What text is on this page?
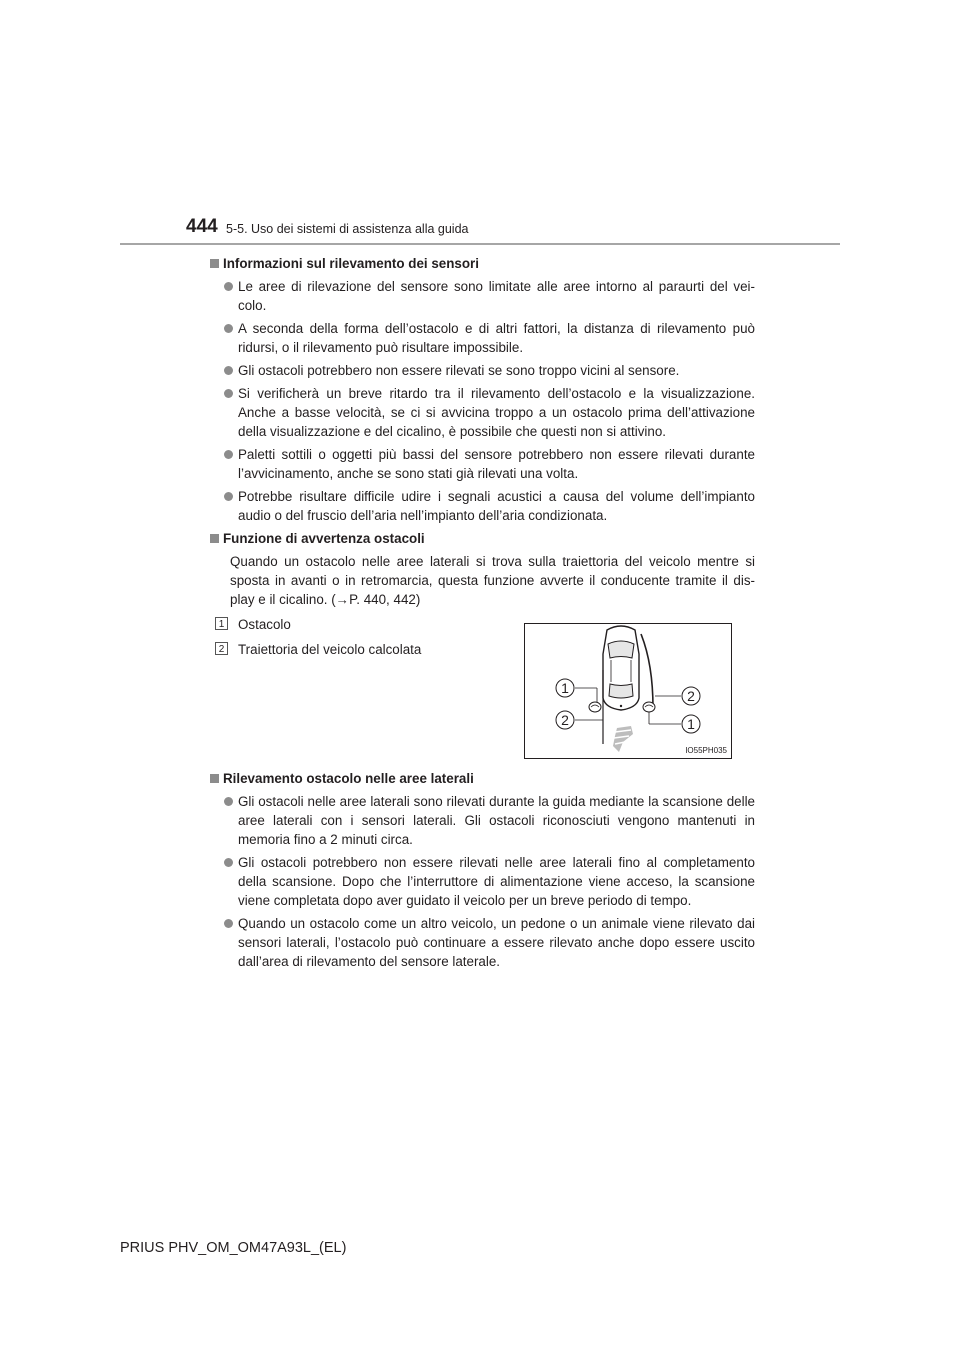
444 5-5. Uso dei sistemi di assistenza alla guida
Informazioni sul rilevamento dei sensori
Le aree di rilevazione del sensore sono limitate alle aree intorno al paraurti del vei-colo.
A seconda della forma dell’ostacolo e di altri fattori, la distanza di rilevamento può ridursi, o il rilevamento può risultare impossibile.
Gli ostacoli potrebbero non essere rilevati se sono troppo vicini al sensore.
Si verificherà un breve ritardo tra il rilevamento dell’ostacolo e la visualizzazione. Anche a basse velocità, se ci si avvicina troppo a un ostacolo prima dell’attivazione della visualizzazione e del cicalino, è possibile che questi non si attivino.
Paletti sottili o oggetti più bassi del sensore potrebbero non essere rilevati durante l’avvicinamento, anche se sono stati già rilevati una volta.
Potrebbe risultare difficile udire i segnali acustici a causa del volume dell’impianto audio o del fruscio dell’aria nell’impianto dell’aria condizionata.
Funzione di avvertenza ostacoli
Quando un ostacolo nelle aree laterali si trova sulla traiettoria del veicolo mentre si sposta in avanti o in retromarcia, questa funzione avverte il conducente tramite il dis-play e il cicalino. (→P. 440, 442)
1 Ostacolo
2 Traiettoria del veicolo calcolata
1
2
2
1
IO55PH035
Rilevamento ostacolo nelle aree laterali
Gli ostacoli nelle aree laterali sono rilevati durante la guida mediante la scansione delle aree laterali con i sensori laterali. Gli ostacoli riconosciuti vengono mantenuti in memoria fino a 2 minuti circa.
Gli ostacoli potrebbero non essere rilevati nelle aree laterali fino al completamento della scansione. Dopo che l’interruttore di alimentazione viene acceso, la scansione viene completata dopo aver guidato il veicolo per un breve periodo di tempo.
Quando un ostacolo come un altro veicolo, un pedone o un animale viene rilevato dai sensori laterali, l’ostacolo può continuare a essere rilevato anche dopo essere uscito dall’area di rilevamento del sensore laterale.
PRIUS PHV_OM_OM47A93L_(EL)
